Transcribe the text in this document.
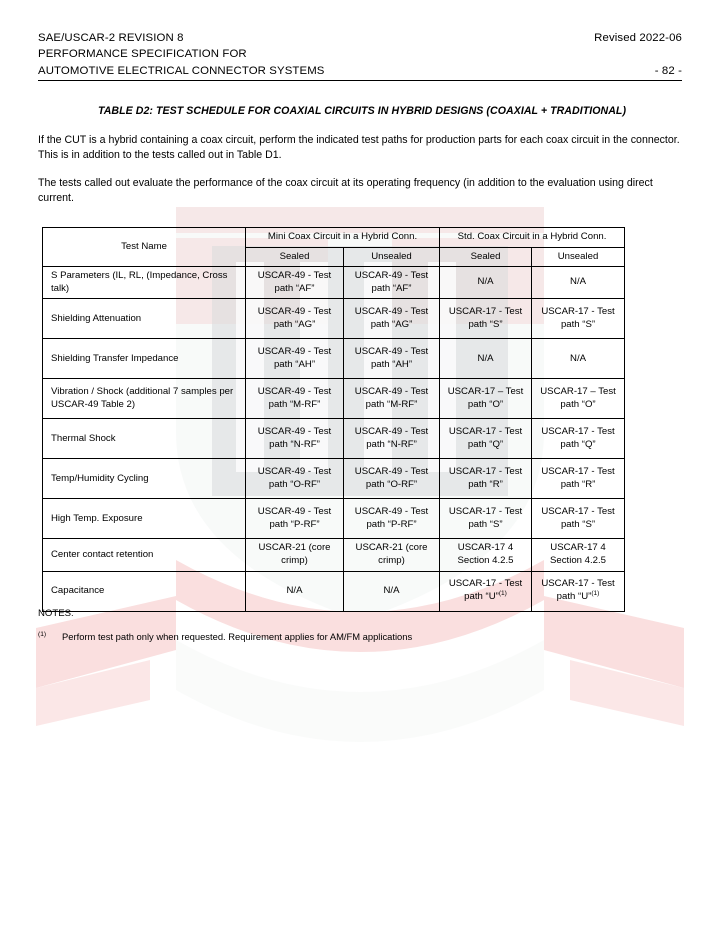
SAE/USCAR-2 REVISION 8	Revised 2022-06
PERFORMANCE SPECIFICATION FOR
AUTOMOTIVE ELECTRICAL CONNECTOR SYSTEMS	- 82 -
TABLE D2: TEST SCHEDULE FOR COAXIAL CIRCUITS IN HYBRID DESIGNS (COAXIAL + TRADITIONAL)
If the CUT is a hybrid containing a coax circuit, perform the indicated test paths for production parts for each coax circuit in the connector. This is in addition to the tests called out in Table D1.
The tests called out evaluate the performance of the coax circuit at its operating frequency (in addition to the evaluation using direct current.
Test Name	Mini Coax Circuit in a Hybrid Conn.		Std. Coax Circuit in a Hybrid Conn.	

	Sealed	Unsealed	Sealed	Unsealed

S Parameters (IL, RL, (Impedance, Cross talk)	USCAR-49 - Test path “AF”	USCAR-49 - Test path “AF”	N/A	N/A

Shielding Attenuation	USCAR-49 - Test path “AG”	USCAR-49 - Test path “AG”	USCAR-17 - Test path “S”	USCAR-17 - Test path “S”

Shielding Transfer Impedance	USCAR-49 - Test path “AH”	USCAR-49 - Test path “AH”	N/A	N/A

Vibration / Shock (additional 7 samples per USCAR-49 Table 2)	USCAR-49 - Test path “M-RF”	USCAR-49 - Test path “M-RF”	USCAR-17 – Test path “O”	USCAR-17 – Test path “O”

Thermal Shock	USCAR-49 - Test path “N-RF”	USCAR-49 - Test path “N-RF”	USCAR-17 - Test path “Q”	USCAR-17 - Test path “Q”

Temp/Humidity Cycling	USCAR-49 - Test path “O-RF”	USCAR-49 - Test path “O-RF”	USCAR-17 - Test path “R”	USCAR-17 - Test path “R”

High Temp. Exposure	USCAR-49 - Test path “P-RF”	USCAR-49 - Test path “P-RF”	USCAR-17 - Test path “S”	USCAR-17 - Test path “S”

Center contact retention	USCAR-21 (core crimp)	USCAR-21 (core crimp)	USCAR-17 4 Section 4.2.5	USCAR-17 4 Section 4.2.5

Capacitance	N/A	N/A	USCAR-17 - Test path “U”$^{(1)}$	USCAR-17 - Test path “U”$^{(1)}$
NOTES:
(1)	Perform test path only when requested. Requirement applies for AM/FM applications
